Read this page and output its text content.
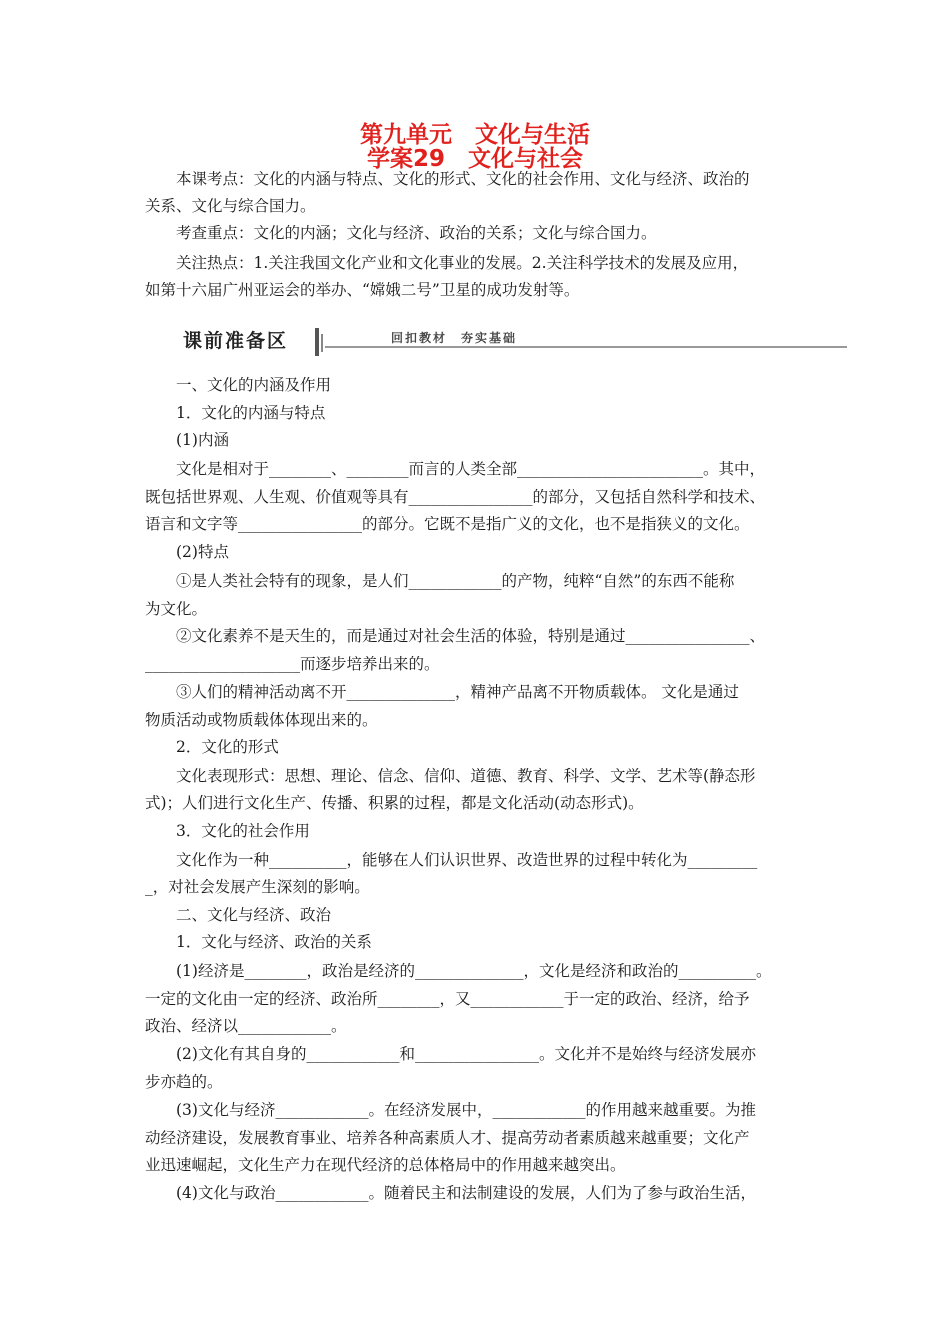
第九单元　文化与生活
学案29　文化与社会
本课考点：文化的内涵与特点、文化的形式、文化的社会作用、文化与经济、政治的
关系、文化与综合国力。
考查重点：文化的内涵；文化与经济、政治的关系；文化与综合国力。
关注热点：1.关注我国文化产业和文化事业的发展。2.关注科学技术的发展及应用，
如第十六届广州亚运会的举办、“嫦娥二号”卫星的成功发射等。
课前准备区	回扣教材　夯实基础
一、文化的内涵及作用
1．文化的内涵与特点
(1)内涵
文化是相对于________、________而言的人类全部________________________。其中，
既包括世界观、人生观、价值观等具有________________的部分，又包括自然科学和技术、
语言和文字等________________的部分。它既不是指广义的文化，也不是指狭义的文化。
(2)特点
①是人类社会特有的现象，是人们____________的产物，纯粹“自然”的东西不能称
为文化。
②文化素养不是天生的，而是通过对社会生活的体验，特别是通过________________、
____________________而逐步培养出来的。
③人们的精神活动离不开______________，精神产品离不开物质载体。 文化是通过
物质活动或物质载体体现出来的。
2．文化的形式
文化表现形式：思想、理论、信念、信仰、道德、教育、科学、文学、艺术等(静态形
式)；人们进行文化生产、传播、积累的过程，都是文化活动(动态形式)。
3．文化的社会作用
文化作为一种__________，能够在人们认识世界、改造世界的过程中转化为_________
_，对社会发展产生深刻的影响。
二、文化与经济、政治
1．文化与经济、政治的关系
(1)经济是________，政治是经济的______________，文化是经济和政治的__________。
一定的文化由一定的经济、政治所________，又____________于一定的政治、经济，给予
政治、经济以____________。
(2)文化有其自身的____________和________________。文化并不是始终与经济发展亦
步亦趋的。
(3)文化与经济____________。在经济发展中，____________的作用越来越重要。为推
动经济建设，发展教育事业、培养各种高素质人才、提高劳动者素质越来越重要；文化产
业迅速崛起，文化生产力在现代经济的总体格局中的作用越来越突出。
(4)文化与政治____________。随着民主和法制建设的发展，人们为了参与政治生活，
